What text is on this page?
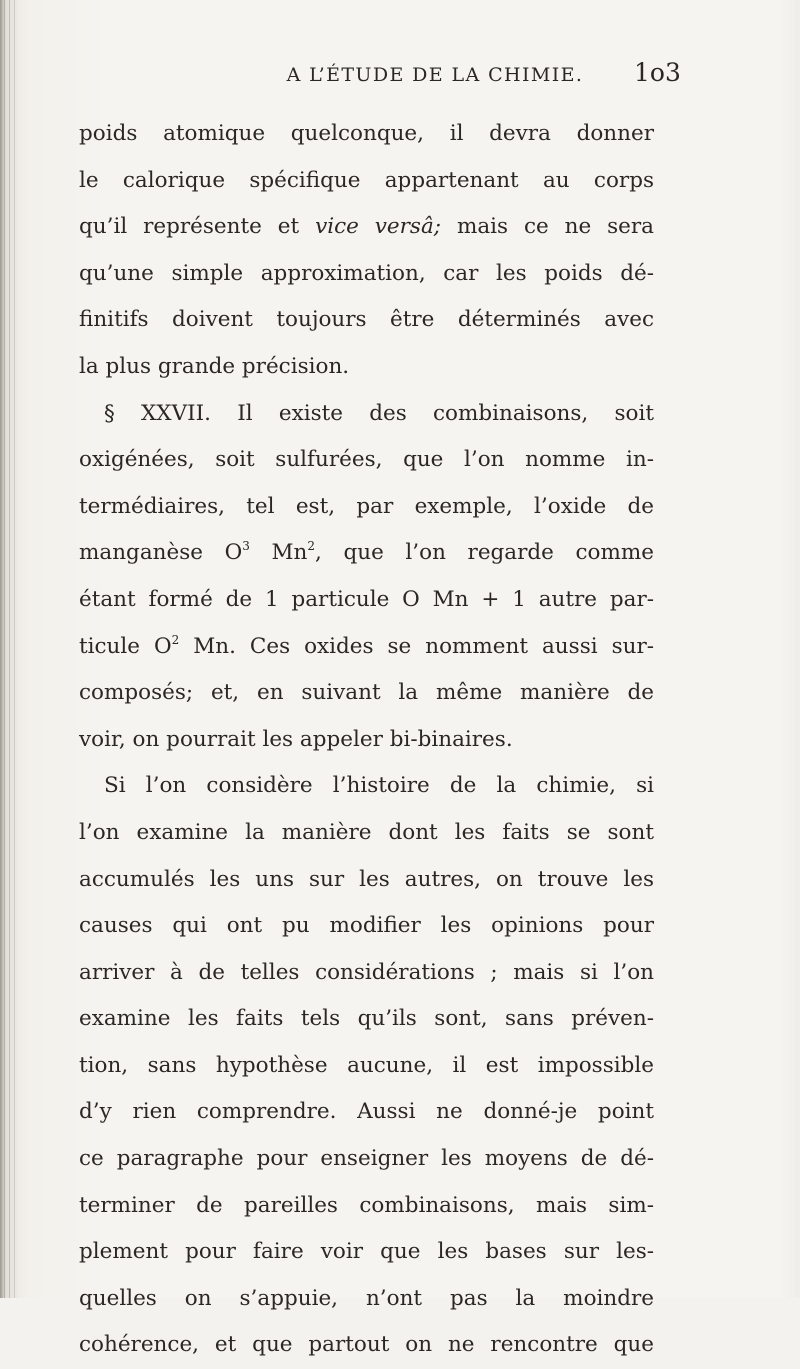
A L’ÉTUDE DE LA CHIMIE.	1o3
poids atomique quelconque, il devra donner
le calorique spécifique appartenant au corps
qu’il représente et vice versâ; mais ce ne sera
qu’une simple approximation, car les poids dé-
finitifs doivent toujours être déterminés avec
la plus grande précision.
§ XXVII. Il existe des combinaisons, soit
oxigénées, soit sulfurées, que l’on nomme in-
termédiaires, tel est, par exemple, l’oxide de
manganèse $O^3$ Mn$^2$, que l’on regarde comme
étant formé de 1 particule O Mn + 1 autre par-
ticule $O^2$ Mn. Ces oxides se nomment aussi sur-
composés; et, en suivant la même manière de
voir, on pourrait les appeler bi-binaires.
Si l’on considère l’histoire de la chimie, si
l’on examine la manière dont les faits se sont
accumulés les uns sur les autres, on trouve les
causes qui ont pu modifier les opinions pour
arriver à de telles considérations ; mais si l’on
examine les faits tels qu’ils sont, sans préven-
tion, sans hypothèse aucune, il est impossible
d’y rien comprendre. Aussi ne donné-je point
ce paragraphe pour enseigner les moyens de dé-
terminer de pareilles combinaisons, mais sim-
plement pour faire voir que les bases sur les-
quelles on s’appuie, n’ont pas la moindre
cohérence, et que partout on ne rencontre que
